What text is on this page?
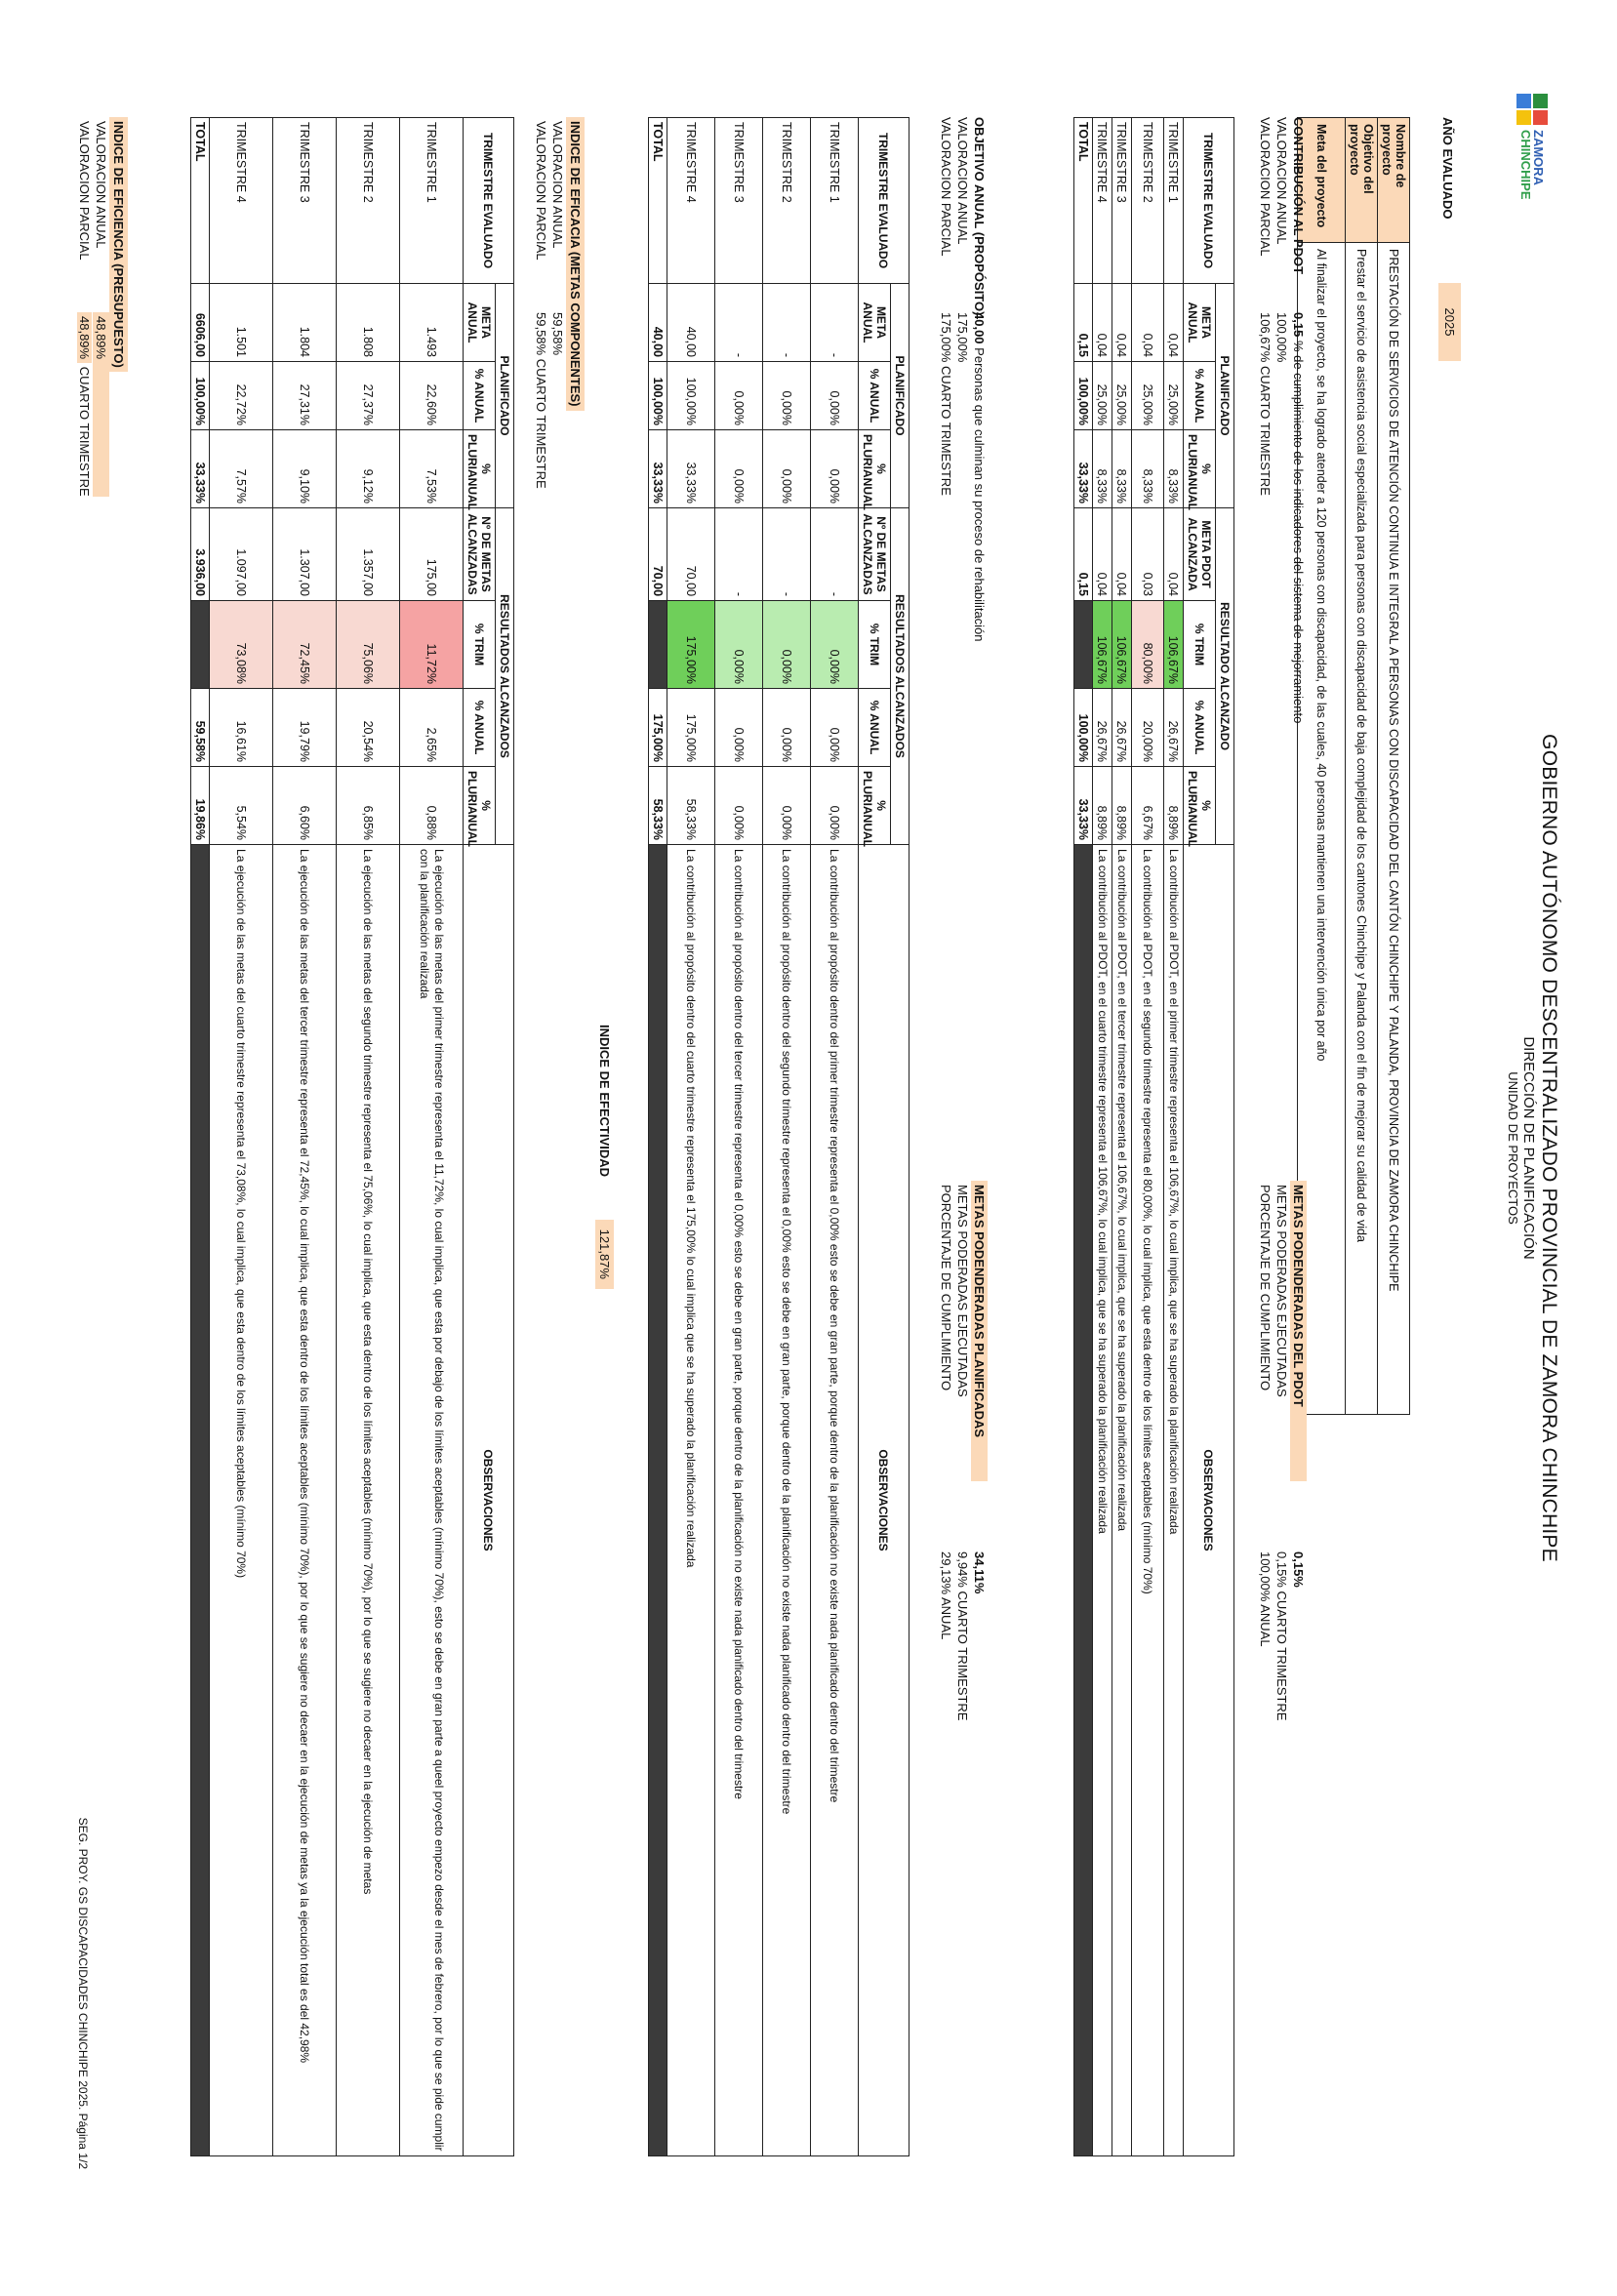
ZAMORA
CHINCHIPE
GOBIERNO AUTÓNOMO DESCENTRALIZADO PROVINCIAL DE ZAMORA CHINCHIPE
DIRECCIÓN DE PLANIFICACIÓN
UNIDAD DE PROYECTOS
AÑO EVALUADO
2025
Nombre de proyecto	PRESTACIÓN DE SERVICIOS DE ATENCIÓN CONTINUA E INTEGRAL A PERSONAS CON DISCAPACIDAD DEL CANTÓN CHINCHIPE Y PALANDA, PROVINCIA DE ZAMORA CHINCHIPE
Objetivo del proyecto	Prestar el servicio de asistencia social especializada para personas con discapacidad de baja complejidad de los cantones Chinchipe y Palanda con el fin de mejorar su calidad de vida
Meta del proyecto	Al finalizar el proyecto, se ha logrado atender a 120 personas con discapacidad, de las cuales, 40 personas mantienen una intervención única por año
CONTRIBUCIÓN AL PDOT
VALORACION ANUAL
VALORACION PARCIAL
0,15 % de cumplimiento de los indicadores del sistema de mejorramiento
100,00%
106,67% CUARTO TRIMESTRE
METAS PODENDERADAS DEL PDOT
METAS PODERADAS EJECUTADAS
PORCENTAJE DE CUMPLIMIENTO
0,15%
0,15% CUARTO TRIMESTRE
100,00% ANUAL
TRIMESTRE EVALUADO	PLANIFICADO			RESULTADO ALCANZADO				OBSERVACIONES
	META ANUAL	% ANUAL	% PLURIANUAL	META PDOT ALCANZADA	% TRIM	% ANUAL	% PLURIANUAL	
TRIMESTRE 1	0,04	25,00%	8,33%	0,04	106,67%	26,67%	8,89%	La contribución al PDOT, en el primer trimestre representa el 106,67%, lo cual implica, que se ha superado la planificación realizada
TRIMESTRE 2	0,04	25,00%	8,33%	0,03	80,00%	20,00%	6,67%	La contribución al PDOT, en el segundo trimestre representa el 80,00%, lo cual implica, que esta dentro de los límites aceptables (mínimo 70%)
TRIMESTRE 3	0,04	25,00%	8,33%	0,04	106,67%	26,67%	8,89%	La contribución al PDOT, en el tercer trimestre representa el 106,67%, lo cual implica, que se ha superado la planificación realizada
TRIMESTRE 4	0,04	25,00%	8,33%	0,04	106,67%	26,67%	8,89%	La contribución al PDOT, en el cuarto trimestre representa el 106,67%, lo cual implica, que se ha superado la planificación realizada
TOTAL	0,15	100,00%	33,33%	0,15		100,00%	33,33%	
OBJETIVO ANUAL (PROPÓSITO)
VALORACION ANUAL
VALORACION PARCIAL
40,00 Personas que culminan su proceso de rehabilitación
175,00%
175,00% CUARTO TRIMESTRE
METAS PODENDERADAS PLANIFICADAS
METAS PODERADAS EJECUTADAS
PORCENTAJE DE CUMPLIMIENTO
34,11%
9,94% CUARTO TRIMESTRE
29,13% ANUAL
TRIMESTRE EVALUADO	PLANIFICADO			RESULTADOS ALCANZADOS				OBSERVACIONES
	META ANUAL	% ANUAL	% PLURIANUAL	Nº DE METAS ALCANZADAS	% TRIM	% ANUAL	% PLURIANUAL	
TRIMESTRE 1	-	0,00%	0,00%	-	0,00%	0,00%	0,00%	La contribución al propósito dentro del primer trimestre representa el 0,00% esto se debe en gran parte, porque dentro de la planificación no existe nada planificado dentro del trimestre
TRIMESTRE 2	-	0,00%	0,00%	-	0,00%	0,00%	0,00%	La contribución al propósito dentro del segundo trimestre representa el 0,00% esto se debe en gran parte, porque dentro de la planificación no existe nada planificado dentro del trimestre
TRIMESTRE 3	-	0,00%	0,00%	-	0,00%	0,00%	0,00%	La contribución al propósito dentro del tercer trimestre representa el 0,00% esto se debe en gran parte, porque dentro de la planificación no existe nada planificado dentro del trimestre
TRIMESTRE 4	40,00	100,00%	33,33%	70,00	175,00%	175,00%	58,33%	La contribución al propósito dentro del cuarto trimestre representa el 175,00% lo cual implica que se ha superado la planificación realizada
TOTAL	40,00	100,00%	33,33%	70,00		175,00%	58,33%	
INDICE DE EFICACIA (METAS COMPONENTES)
VALORACION ANUAL
VALORACION PARCIAL
59,58%
59,58% CUARTO TRIMESTRE
INDICE DE EFECTIVIDAD 121,87%
TRIMESTRE EVALUADO	PLANIFICADO			RESULTADOS ALCANZADOS				OBSERVACIONES
	META ANUAL	% ANUAL	% PLURIANUAL	Nº DE METAS ALCANZADAS	% TRIM	% ANUAL	% PLURIANUAL	
TRIMESTRE 1	1.493	22,60%	7,53%	175,00	11,72%	2,65%	0,88%	La ejecución de las metas del primer trimestre representa el 11,72%, lo cual implica, que esta por debajo de los límites aceptables (mínimo 70%), esto se debe en gran parte a queel proyecto empezo desde el mes de febrero, por lo que se pide cumplir con la planificación realizada
TRIMESTRE 2	1.808	27,37%	9,12%	1.357,00	75,06%	20,54%	6,85%	La ejecución de las metas del segundo trimestre representa el 75,06%, lo cual implica, que esta dentro de los límites aceptables (mínimo 70%), por lo que se sugiere no decaer en la ejecución de metas
TRIMESTRE 3	1.804	27,31%	9,10%	1.307,00	72,45%	19,79%	6,60%	La ejecución de las metas del tercer trimestre representa el 72,45%, lo cual implica, que esta dentro de los límites aceptables (mínimo 70%), por lo que se sugiere no decaer en la ejecución de metas ya la ejecución total es del 42,98%
TRIMESTRE 4	1.501	22,72%	7,57%	1.097,00	73,08%	16,61%	5,54%	La ejecución de las metas del cuarto trimestre representa el 73,08%, lo cual implica, que esta dentro de los límites aceptables (mínimo 70%)
TOTAL	6606,00	100,00%	33,33%	3.936,00		59,58%	19,86%	
INDICE DE EFICIENCIA (PRESUPUESTO)
VALORACION ANUAL
VALORACION PARCIAL
48,89%
48,89% CUARTO TRIMESTRE
SEG. PROY. GS DISCAPACIDADES CHINCHIPE 2025. Página 1/2
